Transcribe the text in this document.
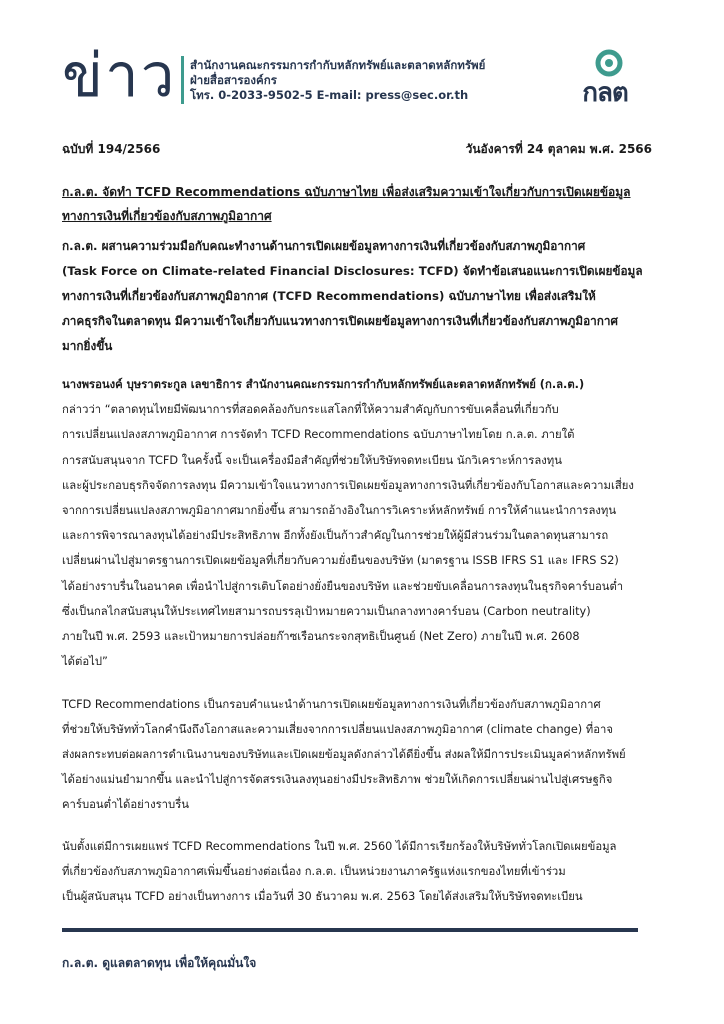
ข่าว สำนักงานคณะกรรมการกำกับหลักทรัพย์และตลาดหลักทรัพย์
ฝ่ายสื่อสารองค์กร
โทร. 0-2033-9502-5 E-mail: press@sec.or.th	กลต
ฉบับที่ 194/2566	วันอังคารที่ 24 ตุลาคม พ.ศ. 2566
ก.ล.ต. จัดทำ TCFD Recommendations ฉบับภาษาไทย เพื่อส่งเสริมความเข้าใจเกี่ยวกับการเปิดเผยข้อมูล
ทางการเงินที่เกี่ยวข้องกับสภาพภูมิอากาศ
ก.ล.ต. ผสานความร่วมมือกับคณะทำงานด้านการเปิดเผยข้อมูลทางการเงินที่เกี่ยวข้องกับสภาพภูมิอากาศ
(Task Force on Climate-related Financial Disclosures: TCFD) จัดทำข้อเสนอแนะการเปิดเผยข้อมูล
ทางการเงินที่เกี่ยวข้องกับสภาพภูมิอากาศ (TCFD Recommendations) ฉบับภาษาไทย เพื่อส่งเสริมให้
ภาคธุรกิจในตลาดทุน มีความเข้าใจเกี่ยวกับแนวทางการเปิดเผยข้อมูลทางการเงินที่เกี่ยวข้องกับสภาพภูมิอากาศ
มากยิ่งขึ้น
นางพรอนงค์ บุษราตระกูล เลขาธิการ สำนักงานคณะกรรมการกำกับหลักทรัพย์และตลาดหลักทรัพย์ (ก.ล.ต.)
กล่าวว่า “ตลาดทุนไทยมีพัฒนาการที่สอดคล้องกับกระแสโลกที่ให้ความสำคัญกับการขับเคลื่อนที่เกี่ยวกับ
การเปลี่ยนแปลงสภาพภูมิอากาศ การจัดทำ TCFD Recommendations ฉบับภาษาไทยโดย ก.ล.ต. ภายใต้
การสนับสนุนจาก TCFD ในครั้งนี้ จะเป็นเครื่องมือสำคัญที่ช่วยให้บริษัทจดทะเบียน นักวิเคราะห์การลงทุน
และผู้ประกอบธุรกิจจัดการลงทุน มีความเข้าใจแนวทางการเปิดเผยข้อมูลทางการเงินที่เกี่ยวข้องกับโอกาสและความเสี่ยง
จากการเปลี่ยนแปลงสภาพภูมิอากาศมากยิ่งขึ้น สามารถอ้างอิงในการวิเคราะห์หลักทรัพย์ การให้คำแนะนำการลงทุน
และการพิจารณาลงทุนได้อย่างมีประสิทธิภาพ อีกทั้งยังเป็นก้าวสำคัญในการช่วยให้ผู้มีส่วนร่วมในตลาดทุนสามารถ
เปลี่ยนผ่านไปสู่มาตรฐานการเปิดเผยข้อมูลที่เกี่ยวกับความยั่งยืนของบริษัท (มาตรฐาน ISSB IFRS S1 และ IFRS S2)
ได้อย่างราบรื่นในอนาคต เพื่อนำไปสู่การเติบโตอย่างยั่งยืนของบริษัท และช่วยขับเคลื่อนการลงทุนในธุรกิจคาร์บอนต่ำ
ซึ่งเป็นกลไกสนับสนุนให้ประเทศไทยสามารถบรรลุเป้าหมายความเป็นกลางทางคาร์บอน (Carbon neutrality)
ภายในปี พ.ศ. 2593 และเป้าหมายการปล่อยก๊าซเรือนกระจกสุทธิเป็นศูนย์ (Net Zero) ภายในปี พ.ศ. 2608
ได้ต่อไป”
TCFD Recommendations เป็นกรอบคำแนะนำด้านการเปิดเผยข้อมูลทางการเงินที่เกี่ยวข้องกับสภาพภูมิอากาศ
ที่ช่วยให้บริษัททั่วโลกคำนึงถึงโอกาสและความเสี่ยงจากการเปลี่ยนแปลงสภาพภูมิอากาศ (climate change) ที่อาจ
ส่งผลกระทบต่อผลการดำเนินงานของบริษัทและเปิดเผยข้อมูลดังกล่าวได้ดียิ่งขึ้น ส่งผลให้มีการประเมินมูลค่าหลักทรัพย์
ได้อย่างแม่นยำมากขึ้น และนำไปสู่การจัดสรรเงินลงทุนอย่างมีประสิทธิภาพ ช่วยให้เกิดการเปลี่ยนผ่านไปสู่เศรษฐกิจ
คาร์บอนต่ำได้อย่างราบรื่น
นับตั้งแต่มีการเผยแพร่ TCFD Recommendations ในปี พ.ศ. 2560 ได้มีการเรียกร้องให้บริษัททั่วโลกเปิดเผยข้อมูล
ที่เกี่ยวข้องกับสภาพภูมิอากาศเพิ่มขึ้นอย่างต่อเนื่อง ก.ล.ต. เป็นหน่วยงานภาครัฐแห่งแรกของไทยที่เข้าร่วม
เป็นผู้สนับสนุน TCFD อย่างเป็นทางการ เมื่อวันที่ 30 ธันวาคม พ.ศ. 2563 โดยได้ส่งเสริมให้บริษัทจดทะเบียน
ก.ล.ต. ดูแลตลาดทุน เพื่อให้คุณมั่นใจ
